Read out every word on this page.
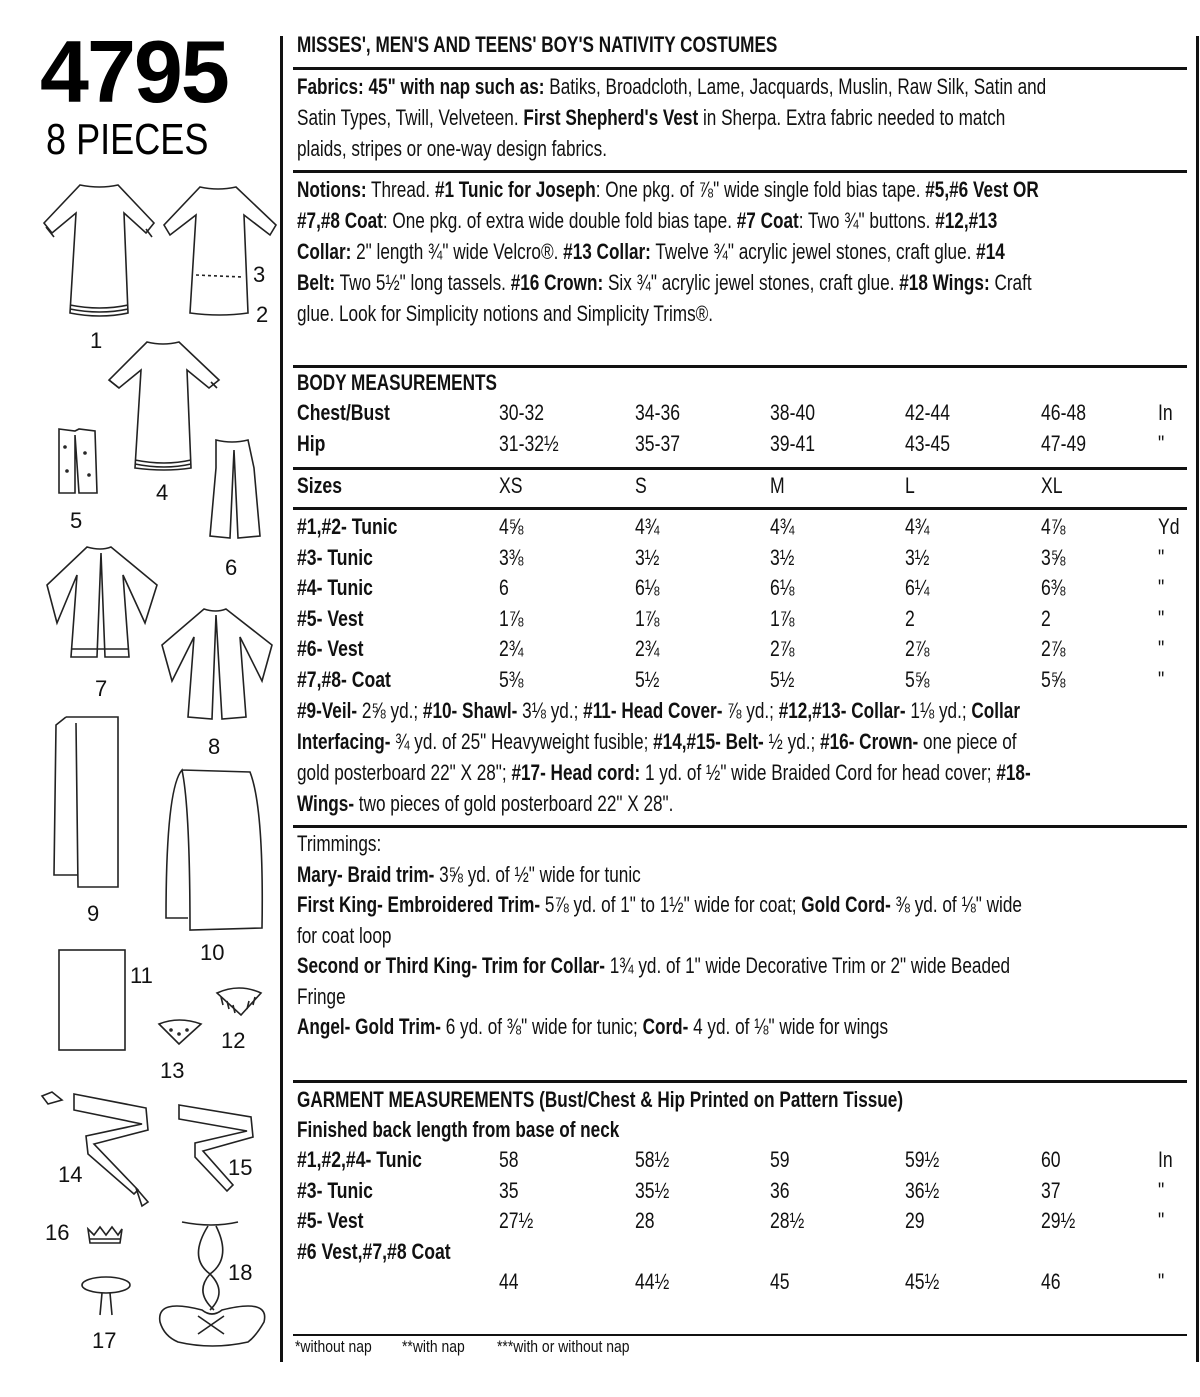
4795
8 PIECES
3
2
1
4
5
6
7
8
9
10
11
12
13
14	15
16
17
18
MISSES', MEN'S AND TEENS' BOY'S NATIVITY COSTUMES
Fabrics: 45" with nap such as: Batiks, Broadcloth, Lame, Jacquards, Muslin, Raw Silk, Satin and
Satin Types, Twill, Velveteen. First Shepherd's Vest in Sherpa. Extra fabric needed to match
plaids, stripes or one-way design fabrics.
Notions: Thread. #1 Tunic for Joseph: One pkg. of ⅞" wide single fold bias tape. #5,#6 Vest OR
#7,#8 Coat: One pkg. of extra wide double fold bias tape. #7 Coat: Two ¾" buttons. #12,#13
Collar: 2" length ¾" wide Velcro®. #13 Collar: Twelve ¾" acrylic jewel stones, craft glue. #14
Belt: Two 5½" long tassels. #16 Crown: Six ¾" acrylic jewel stones, craft glue. #18 Wings: Craft
glue. Look for Simplicity notions and Simplicity Trims®.
BODY MEASUREMENTS
Chest/Bust	30-32	34-36	38-40	42-44	46-48	In
Hip	31-32½	35-37	39-41	43-45	47-49	"
Sizes	XS	S	M	L	XL
#1,#2- Tunic	4⅝	4¾	4¾	4¾	4⅞	Yd
#3- Tunic	3⅜	3½	3½	3½	3⅝	"
#4- Tunic	6	6⅛	6⅛	6¼	6⅜	"
#5- Vest	1⅞	1⅞	1⅞	2	2	"
#6- Vest	2¾	2¾	2⅞	2⅞	2⅞	"
#7,#8- Coat	5⅜	5½	5½	5⅝	5⅝	"
#9-Veil- 2⅝ yd.; #10- Shawl- 3⅛ yd.; #11- Head Cover- ⅞ yd.; #12,#13- Collar- 1⅛ yd.; Collar
Interfacing- ¾ yd. of 25" Heavyweight fusible; #14,#15- Belt- ½ yd.; #16- Crown- one piece of
gold posterboard 22" X 28"; #17- Head cord: 1 yd. of ½" wide Braided Cord for head cover; #18-
Wings- two pieces of gold posterboard 22" X 28".
Trimmings:
Mary- Braid trim- 3⅝ yd. of ½" wide for tunic
First King- Embroidered Trim- 5⅞ yd. of 1" to 1½" wide for coat; Gold Cord- ⅜ yd. of ⅛" wide
for coat loop
Second or Third King- Trim for Collar- 1¾ yd. of 1" wide Decorative Trim or 2" wide Beaded
Fringe
Angel- Gold Trim- 6 yd. of ⅜" wide for tunic; Cord- 4 yd. of ⅛" wide for wings
GARMENT MEASUREMENTS (Bust/Chest & Hip Printed on Pattern Tissue)
Finished back length from base of neck
#1,#2,#4- Tunic	58	58½	59	59½	60	In
#3- Tunic	35	35½	36	36½	37	"
#5- Vest	27½	28	28½	29	29½	"
#6 Vest,#7,#8 Coat
44	44½	45	45½	46	"
*without nap **with nap ***with or without nap
